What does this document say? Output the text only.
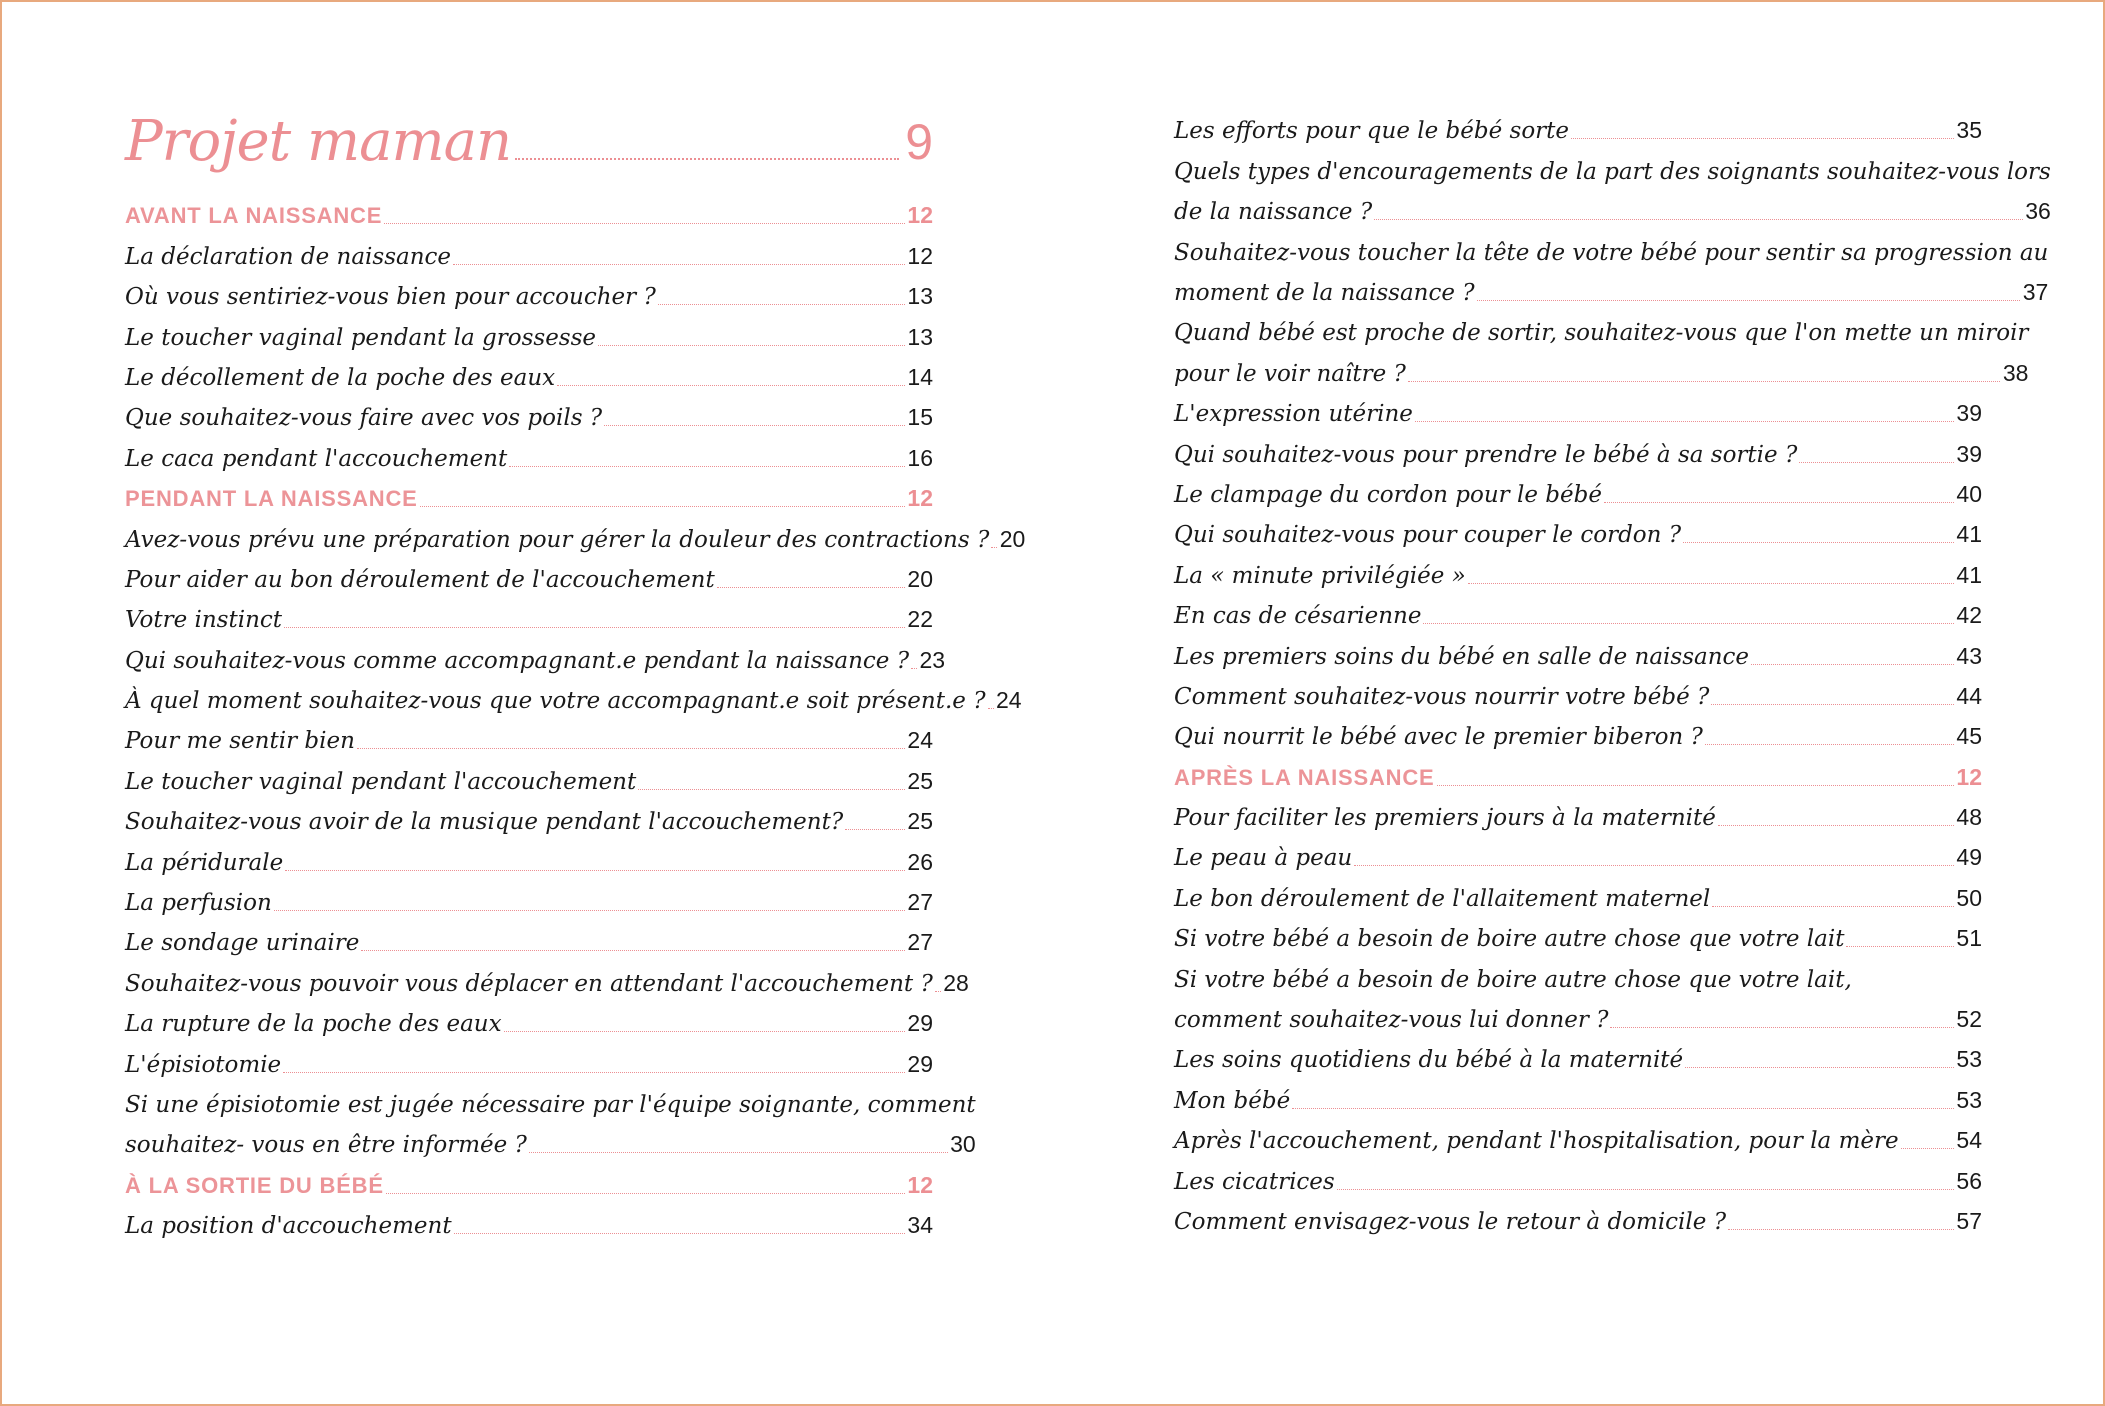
Projet maman	9
AVANT LA NAISSANCE	12
La déclaration de naissance	12
Où vous sentiriez-vous bien pour accoucher ?	13
Le toucher vaginal pendant la grossesse	13
Le décollement de la poche des eaux	14
Que souhaitez-vous faire avec vos poils ?	15
Le caca pendant l'accouchement	16
PENDANT LA NAISSANCE	12
Avez-vous prévu une préparation pour gérer la douleur des contractions ? 20
Pour aider au bon déroulement de l'accouchement	20
Votre instinct	22
Qui souhaitez-vous comme accompagnant.e pendant la naissance ? 23
À quel moment souhaitez-vous que votre accompagnant.e soit présent.e ? 24
Pour me sentir bien	24
Le toucher vaginal pendant l'accouchement	25
Souhaitez-vous avoir de la musique pendant l'accouchement?	25
La péridurale	26
La perfusion	27
Le sondage urinaire	27
Souhaitez-vous pouvoir vous déplacer en attendant l'accouchement ? 28
La rupture de la poche des eaux	29
L'épisiotomie	29
Si une épisiotomie est jugée nécessaire par l'équipe soignante, comment
souhaitez- vous en être informée ?	30
À LA SORTIE DU BÉBÉ	12
La position d'accouchement	34
Les efforts pour que le bébé sorte	35
Quels types d'encouragements de la part des soignants souhaitez-vous lors
de la naissance ?	36
Souhaitez-vous toucher la tête de votre bébé pour sentir sa progression au
moment de la naissance ?	37
Quand bébé est proche de sortir, souhaitez-vous que l'on mette un miroir
pour le voir naître ?	38
L'expression utérine	39
Qui souhaitez-vous pour prendre le bébé à sa sortie ?	39
Le clampage du cordon pour le bébé	40
Qui souhaitez-vous pour couper le cordon ?	41
La « minute privilégiée »	41
En cas de césarienne	42
Les premiers soins du bébé en salle de naissance	43
Comment souhaitez-vous nourrir votre bébé ?	44
Qui nourrit le bébé avec le premier biberon ?	45
APRÈS LA NAISSANCE	12
Pour faciliter les premiers jours à la maternité	48
Le peau à peau	49
Le bon déroulement de l'allaitement maternel	50
Si votre bébé a besoin de boire autre chose que votre lait	51
Si votre bébé a besoin de boire autre chose que votre lait,
comment souhaitez-vous lui donner ?	52
Les soins quotidiens du bébé à la maternité	53
Mon bébé	53
Après l'accouchement, pendant l'hospitalisation, pour la mère	54
Les cicatrices	56
Comment envisagez-vous le retour à domicile ?	57
